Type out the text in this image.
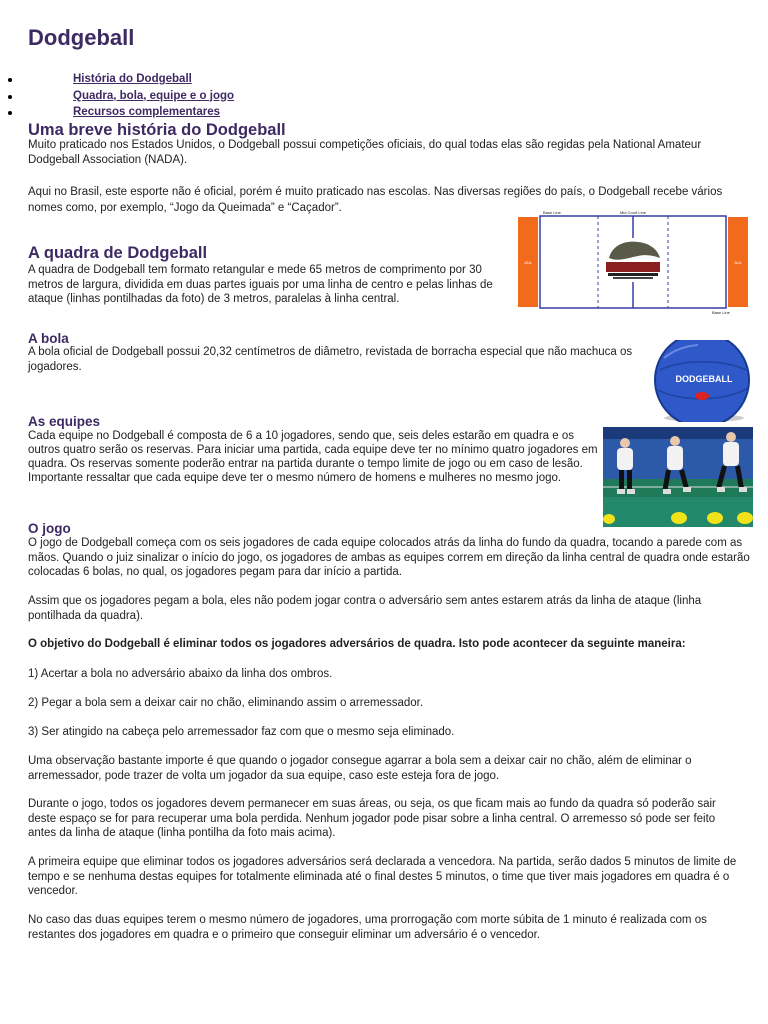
Dodgeball
História do Dodgeball
Quadra, bola, equipe e o jogo
Recursos complementares
Uma breve história do Dodgeball
Muito praticado nos Estados Unidos, o Dodgeball possui competições oficiais, do qual todas elas são regidas pela National Amateur Dodgeball Association (NADA).
Aqui no Brasil, este esporte não é oficial, porém é muito praticado nas escolas. Nas diversas regiões do país, o Dodgeball recebe vários nomes como, por exemplo, “Jogo da Queimada” e “Caçador”.	Base Line	Mid Court Line
Base Line
JAIL	JAIL
A quadra de Dodgeball
A quadra de Dodgeball tem formato retangular e mede 65 metros de comprimento por 30 metros de largura, dividida em duas partes iguais por uma linha de centro e pelas linhas de ataque (linhas pontilhadas da foto) de 3 metros, paralelas à linha central.
A bola
A bola oficial de Dodgeball possui 20,32 centímetros de diâmetro, revistada de borracha especial que não machuca os jogadores.
DODGEBALL
As equipes
Cada equipe no Dodgeball é composta de 6 a 10 jogadores, sendo que, seis deles estarão em quadra e os outros quatro serão os reservas. Para iniciar uma partida, cada equipe deve ter no mínimo quatro jogadores em quadra. Os reservas somente poderão entrar na partida durante o tempo limite de jogo ou em caso de lesão. Importante ressaltar que cada equipe deve ter o mesmo número de homens e mulheres no mesmo jogo.
O jogo
O jogo de Dodgeball começa com os seis jogadores de cada equipe colocados atrás da linha do fundo da quadra, tocando a parede com as mãos. Quando o juiz sinalizar o início do jogo, os jogadores de ambas as equipes correm em direção da linha central de quadra onde estarão colocadas 6 bolas, no qual, os jogadores pegam para dar início a partida.
Assim que os jogadores pegam a bola, eles não podem jogar contra o adversário sem antes estarem atrás da linha de ataque (linha pontilhada da quadra).
O objetivo do Dodgeball é eliminar todos os jogadores adversários de quadra. Isto pode acontecer da seguinte maneira:
1) Acertar a bola no adversário abaixo da linha dos ombros.
2) Pegar a bola sem a deixar cair no chão, eliminando assim o arremessador.
3) Ser atingido na cabeça pelo arremessador faz com que o mesmo seja eliminado.
Uma observação bastante importe é que quando o jogador consegue agarrar a bola sem a deixar cair no chão, além de eliminar o arremessador, pode trazer de volta um jogador da sua equipe, caso este esteja fora de jogo.
Durante o jogo, todos os jogadores devem permanecer em suas áreas, ou seja, os que ficam mais ao fundo da quadra só poderão sair deste espaço se for para recuperar uma bola perdida. Nenhum jogador pode pisar sobre a linha central. O arremesso só pode ser feito antes da linha de ataque (linha pontilha da foto mais acima).
A primeira equipe que eliminar todos os jogadores adversários será declarada a vencedora. Na partida, serão dados 5 minutos de limite de tempo e se nenhuma destas equipes for totalmente eliminada até o final destes 5 minutos, o time que tiver mais jogadores em quadra é o vencedor.
No caso das duas equipes terem o mesmo número de jogadores, uma prorrogação com morte súbita de 1 minuto é realizada com os restantes dos jogadores em quadra e o primeiro que conseguir eliminar um adversário é o vencedor.
